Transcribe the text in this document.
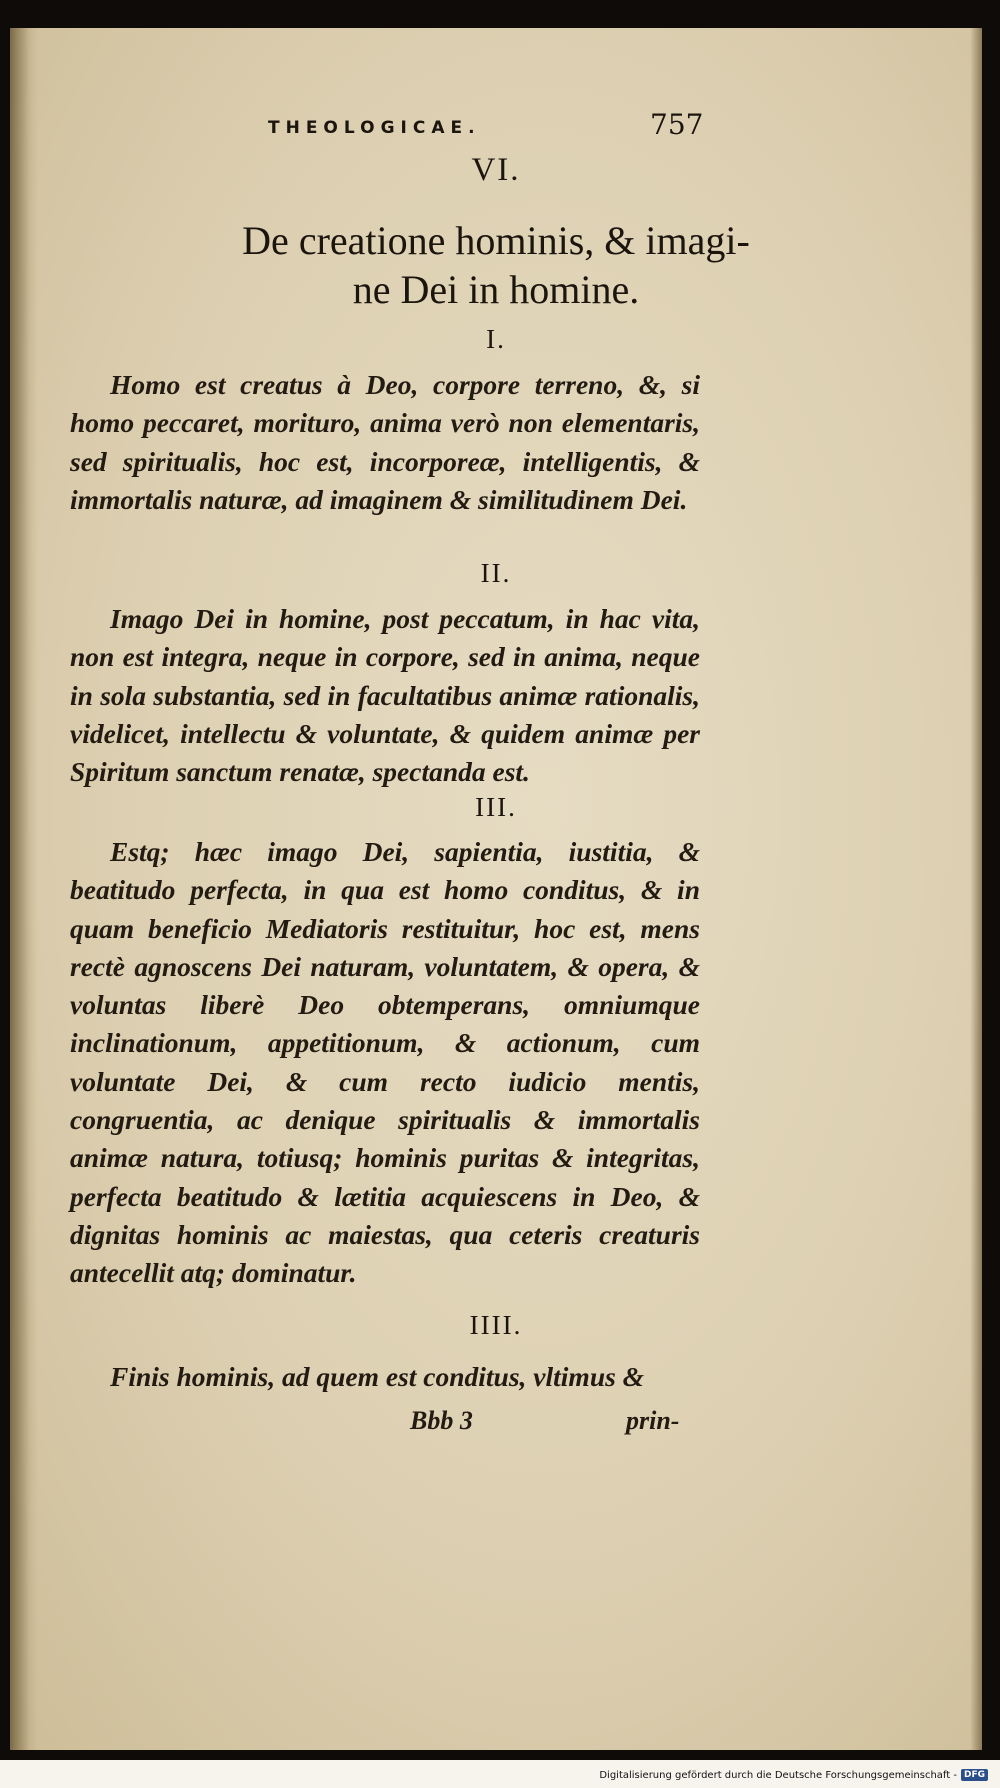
THEOLOGICAE.	757
VI.
De creatione hominis, & imagi-
ne Dei in homine.
I.
Homo est creatus à Deo, corpore terreno, &, si homo peccaret, morituro, anima verò non elementaris, sed spiritualis, hoc est, incorporeæ, intelligentis, & immortalis naturæ, ad imaginem & similitudinem Dei.
II.
Imago Dei in homine, post peccatum, in hac vita, non est integra, neque in corpore, sed in anima, neque in sola substantia, sed in facultatibus animæ rationalis, videlicet, intellectu & voluntate, & quidem animæ per Spiritum sanctum renatæ, spectanda est.
III.
Estq; hæc imago Dei, sapientia, iustitia, & beatitudo perfecta, in qua est homo conditus, & in quam beneficio Mediatoris restituitur, hoc est, mens rectè agnoscens Dei naturam, voluntatem, & opera, & voluntas liberè Deo obtemperans, omniumque inclinationum, appetitionum, & actionum, cum voluntate Dei, & cum recto iudicio mentis, congruentia, ac denique spiritualis & immortalis animæ natura, totiusq; hominis puritas & integritas, perfecta beatitudo & lætitia acquiescens in Deo, & dignitas hominis ac maiestas, qua ceteris creaturis antecellit atq; dominatur.
IIII.
Finis hominis, ad quem est conditus, vltimus &
Bbb 3	prin-
Digitalisierung gefördert durch die Deutsche Forschungsgemeinschaft - DFG
